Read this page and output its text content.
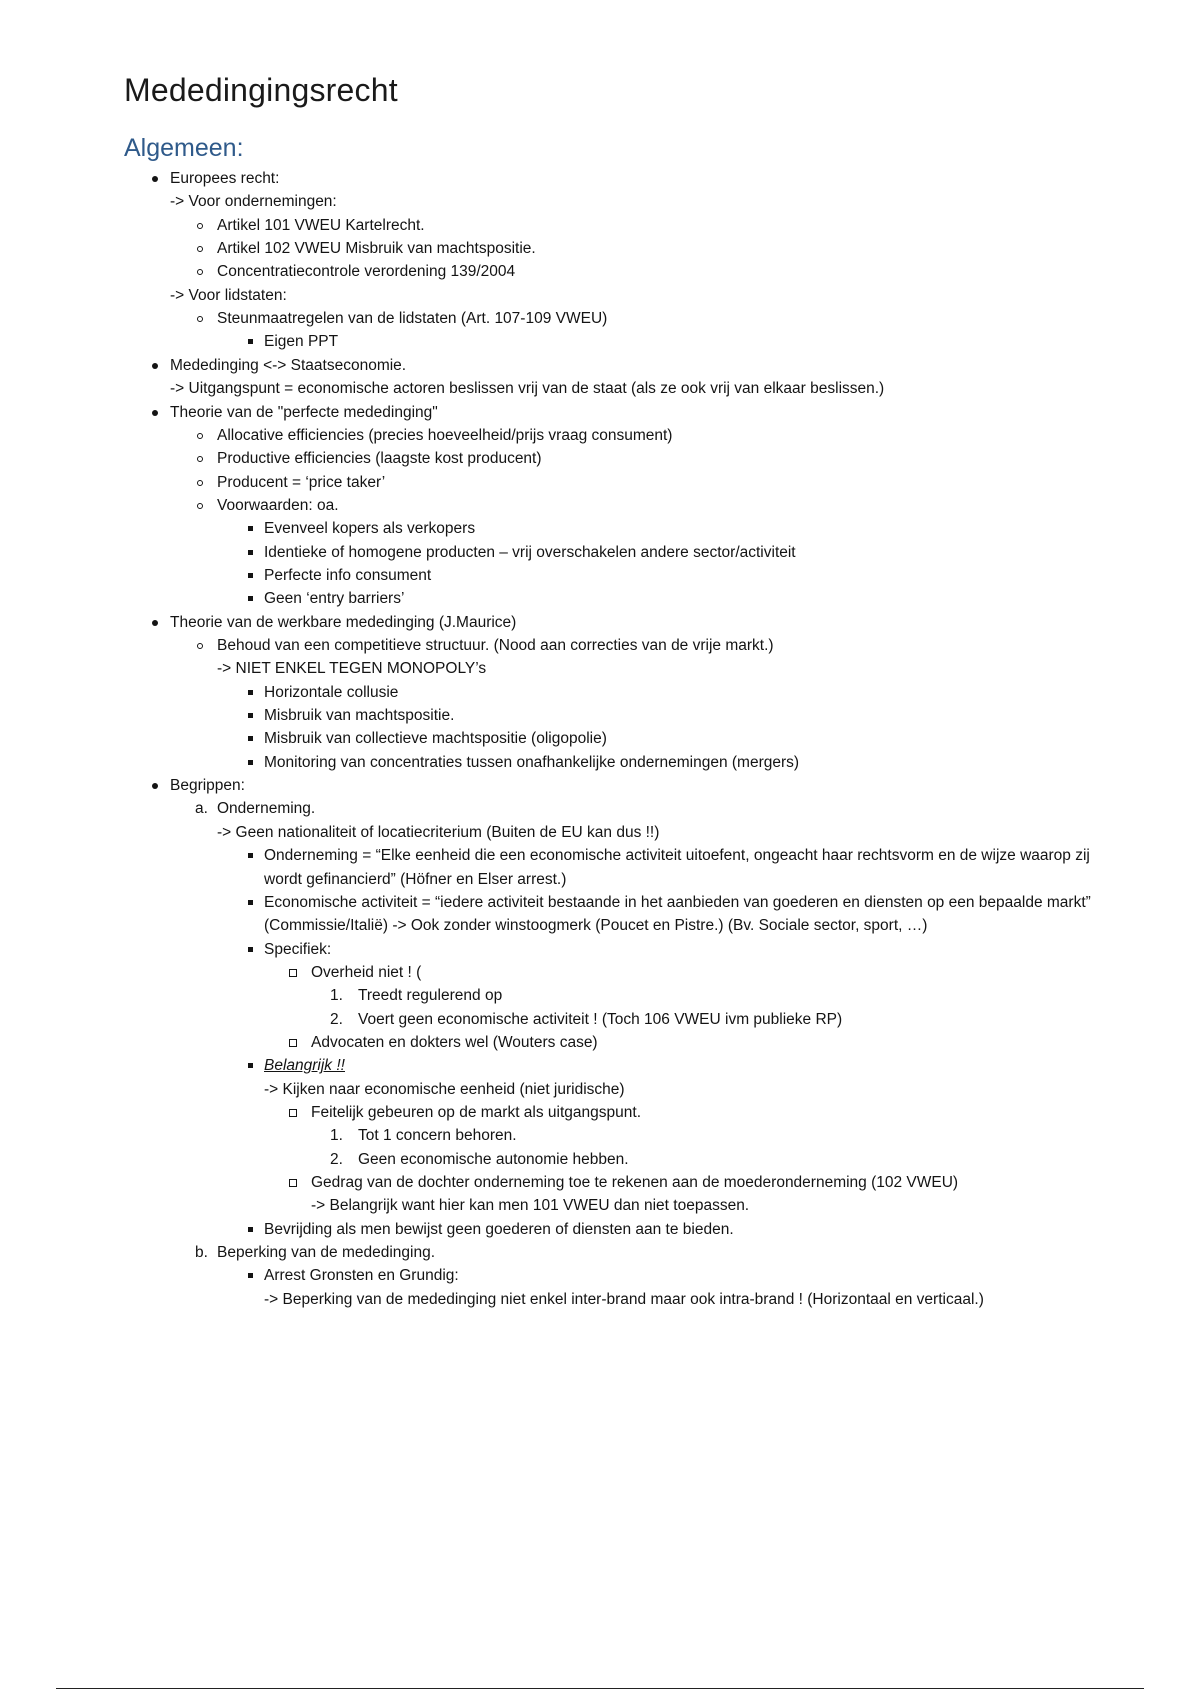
Mededingingsrecht
Algemeen:
Europees recht:
-> Voor ondernemingen:
Artikel 101 VWEU Kartelrecht.
Artikel 102 VWEU Misbruik van machtspositie.
Concentratiecontrole verordening 139/2004
-> Voor lidstaten:
Steunmaatregelen van de lidstaten (Art. 107-109 VWEU)
Eigen PPT
Mededinging <-> Staatseconomie.
-> Uitgangspunt = economische actoren beslissen vrij van de staat (als ze ook vrij van elkaar beslissen.)
Theorie van de "perfecte mededinging"
Allocative efficiencies (precies hoeveelheid/prijs vraag consument)
Productive efficiencies (laagste kost producent)
Producent = ‘price taker’
Voorwaarden: oa.
Evenveel kopers als verkopers
Identieke of homogene producten – vrij overschakelen andere sector/activiteit
Perfecte info consument
Geen ‘entry barriers’
Theorie van de werkbare mededinging (J.Maurice)
Behoud van een competitieve structuur. (Nood aan correcties van de vrije markt.)
-> NIET ENKEL TEGEN MONOPOLY’s
Horizontale collusie
Misbruik van machtspositie.
Misbruik van collectieve machtspositie (oligopolie)
Monitoring van concentraties tussen onafhankelijke ondernemingen (mergers)
Begrippen:
a. Onderneming.
-> Geen nationaliteit of locatiecriterium (Buiten de EU kan dus !!)
Onderneming = “Elke eenheid die een economische activiteit uitoefent, ongeacht haar rechtsvorm en de wijze waarop zij
wordt gefinancierd” (Höfner en Elser arrest.)
Economische activiteit = “iedere activiteit bestaande in het aanbieden van goederen en diensten op een bepaalde markt”
(Commissie/Italië) -> Ook zonder winstoogmerk (Poucet en Pistre.) (Bv. Sociale sector, sport, …)
Specifiek:
Overheid niet ! (
1. Treedt regulerend op
2. Voert geen economische activiteit ! (Toch 106 VWEU ivm publieke RP)
Advocaten en dokters wel (Wouters case)
Belangrijk !!
-> Kijken naar economische eenheid (niet juridische)
Feitelijk gebeuren op de markt als uitgangspunt.
1. Tot 1 concern behoren.
2. Geen economische autonomie hebben.
Gedrag van de dochter onderneming toe te rekenen aan de moederonderneming (102 VWEU)
-> Belangrijk want hier kan men 101 VWEU dan niet toepassen.
Bevrijding als men bewijst geen goederen of diensten aan te bieden.
b. Beperking van de mededinging.
Arrest Gronsten en Grundig:
-> Beperking van de mededinging niet enkel inter-brand maar ook intra-brand ! (Horizontaal en verticaal.)
